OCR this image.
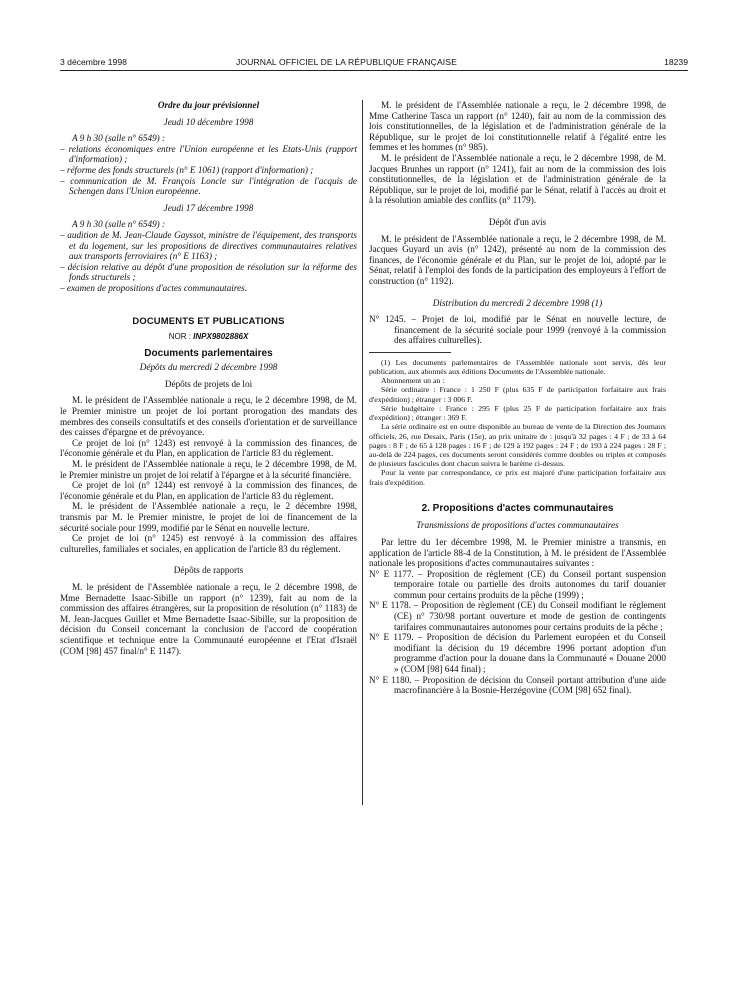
3 décembre 1998	JOURNAL OFFICIEL DE LA RÉPUBLIQUE FRANÇAISE	18239

Ordre du jour prévisionnel

Jeudi 10 décembre 1998

A 9 h 30 (salle n° 6549) :

– relations économiques entre l'Union européenne et les Etats-Unis (rapport d'information) ;

– réforme des fonds structurels (n° E 1061) (rapport d'information) ;

– communication de M. François Loncle sur l'intégration de l'acquis de Schengen dans l'Union européenne.

Jeudi 17 décembre 1998

A 9 h 30 (salle n° 6549) :

– audition de M. Jean-Claude Gayssot, ministre de l'équipement, des transports et du logement, sur les propositions de directives communautaires relatives aux transports ferroviaires (n° E 1163) ;

– décision relative au dépôt d'une proposition de résolution sur la réforme des fonds structurels ;

– examen de propositions d'actes communautaires.

DOCUMENTS ET PUBLICATIONS

NOR : INPX9802886X

Documents parlementaires

Dépôts du mercredi 2 décembre 1998

Dépôts de projets de loi

M. le président de l'Assemblée nationale a reçu, le 2 décembre 1998, de M. le Premier ministre un projet de loi portant prorogation des mandats des membres des conseils consultatifs et des conseils d'orientation et de surveillance des caisses d'épargne et de prévoyance.

Ce projet de loi (n° 1243) est renvoyé à la commission des finances, de l'économie générale et du Plan, en application de l'article 83 du règlement.

M. le président de l'Assemblée nationale a reçu, le 2 décembre 1998, de M. le Premier ministre un projet de loi relatif à l'épargne et à la sécurité financière.

Ce projet de loi (n° 1244) est renvoyé à la commission des finances, de l'économie générale et du Plan, en application de l'article 83 du règlement.

M. le président de l'Assemblée nationale a reçu, le 2 décembre 1998, transmis par M. le Premier ministre, le projet de loi de financement de la sécurité sociale pour 1999, modifié par le Sénat en nouvelle lecture.

Ce projet de loi (n° 1245) est renvoyé à la commission des affaires culturelles, familiales et sociales, en application de l'article 83 du règlement.

Dépôts de rapports

M. le président de l'Assemblée nationale a reçu, le 2 décembre 1998, de Mme Bernadette Isaac-Sibille un rapport (n° 1239), fait au nom de la commission des affaires étrangères, sur la proposition de résolution (n° 1183) de M. Jean-Jacques Guillet et Mme Bernadette Isaac-Sibille, sur la proposition de décision du Conseil concernant la conclusion de l'accord de coopération scientifique et technique entre la Communauté européenne et l'Etat d'Israël (COM [98] 457 final/n° E 1147).

M. le président de l'Assemblée nationale a reçu, le 2 décembre 1998, de Mme Catherine Tasca un rapport (n° 1240), fait au nom de la commission des lois constitutionnelles, de la législation et de l'administration générale de la République, sur le projet de loi constitutionnelle relatif à l'égalité entre les femmes et les hommes (n° 985).

M. le président de l'Assemblée nationale a reçu, le 2 décembre 1998, de M. Jacques Brunhes un rapport (n° 1241), fait au nom de la commission des lois constitutionnelles, de la législation et de l'administration générale de la République, sur le projet de loi, modifié par le Sénat, relatif à l'accès au droit et à la résolution amiable des conflits (n° 1179).

Dépôt d'un avis

M. le président de l'Assemblée nationale a reçu, le 2 décembre 1998, de M. Jacques Guyard un avis (n° 1242), présenté au nom de la commission des finances, de l'économie générale et du Plan, sur le projet de loi, adopté par le Sénat, relatif à l'emploi des fonds de la participation des employeurs à l'effort de construction (n° 1192).

Distribution du mercredi 2 décembre 1998 (1)

N° 1245. – Projet de loi, modifié par le Sénat en nouvelle lecture, de financement de la sécurité sociale pour 1999 (renvoyé à la commission des affaires culturelles).

(1) Les documents parlementaires de l'Assemblée nationale sont servis, dès leur publication, aux abonnés aux éditions Documents de l'Assemblée nationale.

Abonnement un an :

Série ordinaire : France : 1 250 F (plus 635 F de participation forfaitaire aux frais d'expédition) ; étranger : 3 006 F.

Série budgétaire : France : 295 F (plus 25 F de participation forfaitaire aux frais d'expédition) ; étranger : 369 F.

La série ordinaire est en outre disponible au bureau de vente de la Direction des Journaux officiels, 26, rue Desaix, Paris (15e), au prix unitaire de : jusqu'à 32 pages : 4 F ; de 33 à 64 pages : 8 F ; de 65 à 128 pages : 16 F ; de 129 à 192 pages : 24 F ; de 193 à 224 pages : 28 F ; au-delà de 224 pages, ces documents seront considérés comme doubles ou triples et composés de plusieurs fascicules dont chacun suivra le barème ci-dessus.

Pour la vente par correspondance, ce prix est majoré d'une participation forfaitaire aux frais d'expédition.

2. Propositions d'actes communautaires

Transmissions de propositions d'actes communautaires

Par lettre du 1er décembre 1998, M. le Premier ministre a transmis, en application de l'article 88-4 de la Constitution, à M. le président de l'Assemblée nationale les propositions d'actes communautaires suivantes :

N° E 1177. – Proposition de règlement (CE) du Conseil portant suspension temporaire totale ou partielle des droits autonomes du tarif douanier commun pour certains produits de la pêche (1999) ;

N° E 1178. – Proposition de règlement (CE) du Conseil modifiant le règlement (CE) n° 730/98 portant ouverture et mode de gestion de contingents tarifaires communautaires autonomes pour certains produits de la pêche ;

N° E 1179. – Proposition de décision du Parlement européen et du Conseil modifiant la décision du 19 décembre 1996 portant adoption d'un programme d'action pour la douane dans la Communauté « Douane 2000 » (COM [98] 644 final) ;

N° E 1180. – Proposition de décision du Conseil portant attribution d'une aide macrofinancière à la Bosnie-Herzégovine (COM [98] 652 final).
